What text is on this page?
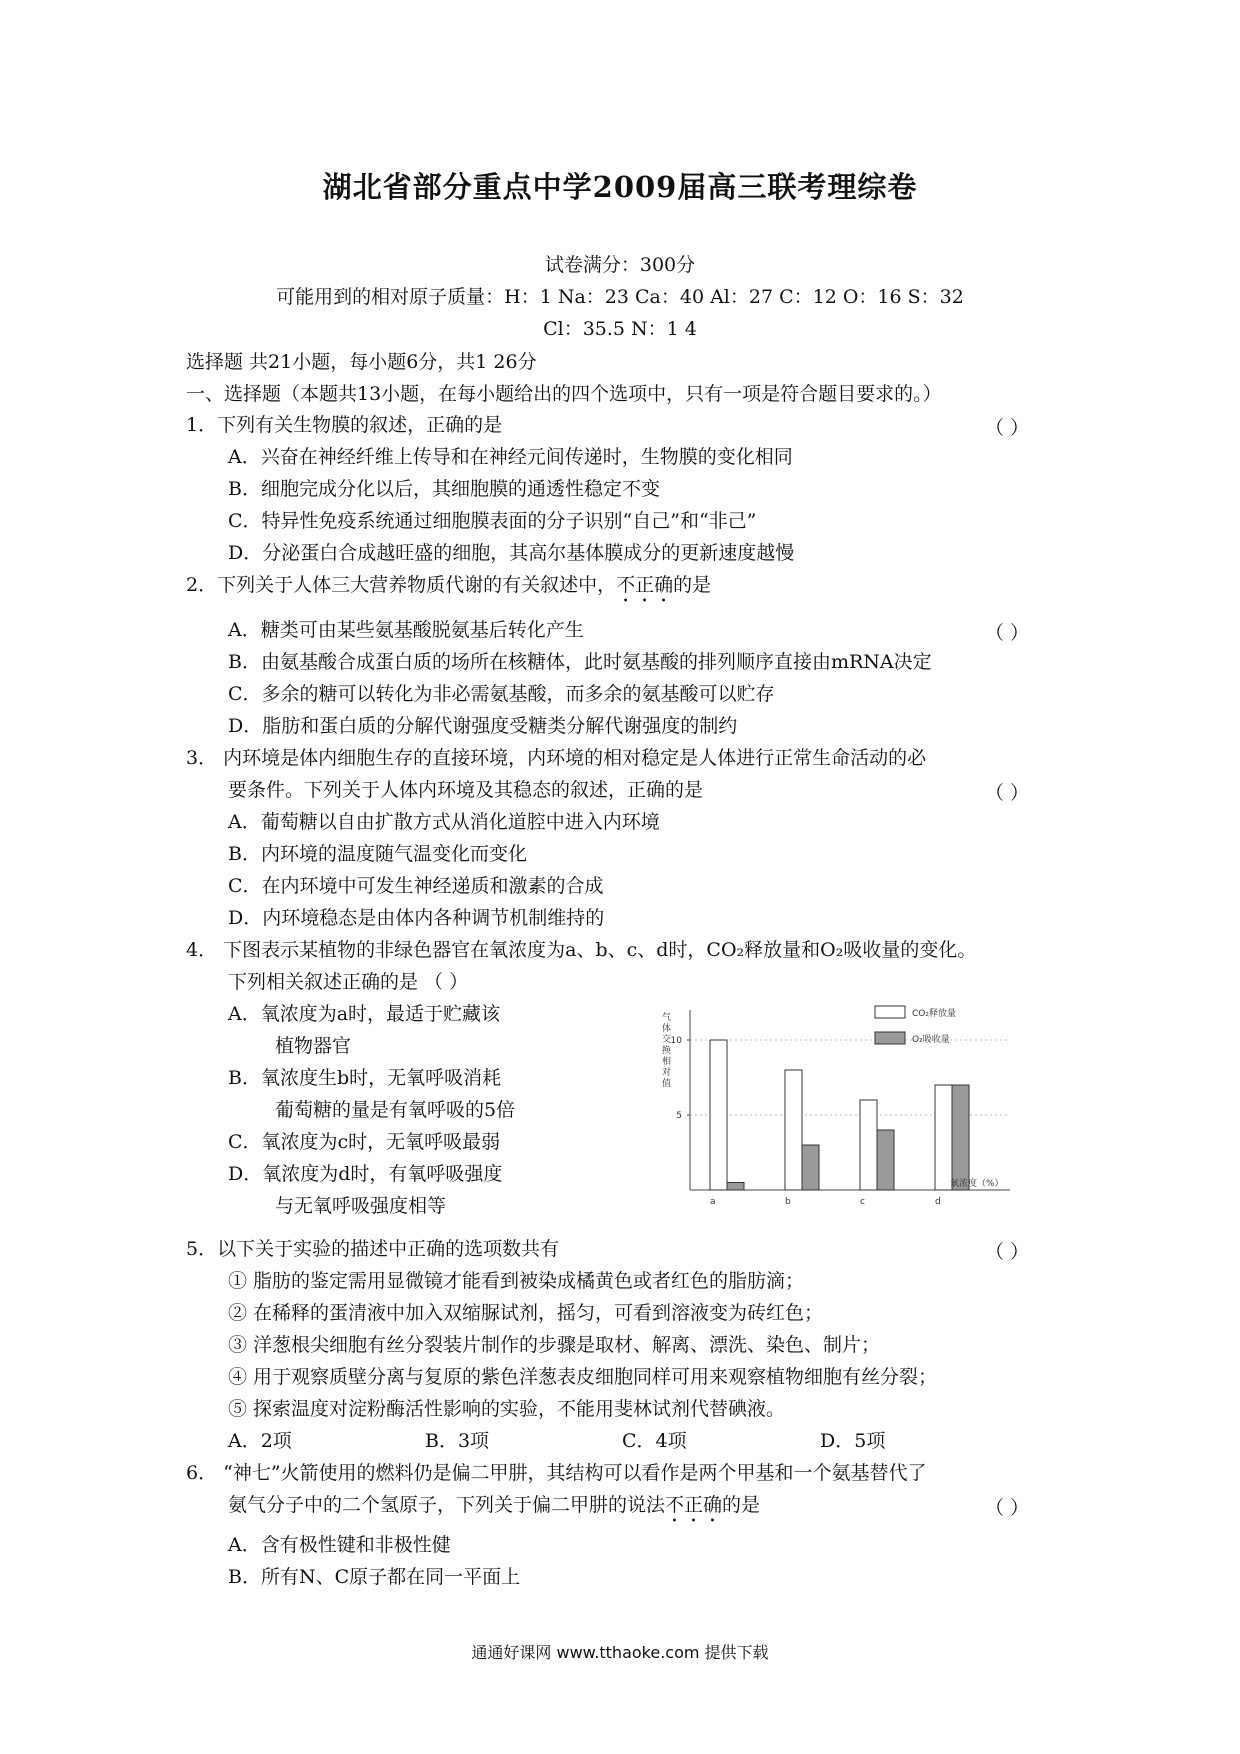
湖北省部分重点中学2009届高三联考理综卷
试卷满分：300分
可能用到的相对原子质量：H：1 Na：23 Ca：40 Al：27 C：12 O：16 S：32
Cl：35.5 N：1 4
选择题 共21小题，每小题6分，共1 26分
一、选择题（本题共13小题，在每小题给出的四个选项中，只有一项是符合题目要求的。）
1．下列有关生物膜的叙述，正确的是	（ ）
A．兴奋在神经纤维上传导和在神经元间传递时，生物膜的变化相同
B．细胞完成分化以后，其细胞膜的通透性稳定不变
C．特异性免疫系统通过细胞膜表面的分子识别“自己”和“非己”
D．分泌蛋白合成越旺盛的细胞，其高尔基体膜成分的更新速度越慢
2．下列关于人体三大营养物质代谢的有关叙述中，不正确的是
A．糖类可由某些氨基酸脱氨基后转化产生	（ ）
B．由氨基酸合成蛋白质的场所在核糖体，此时氨基酸的排列顺序直接由mRNA决定
C．多余的糖可以转化为非必需氨基酸，而多余的氨基酸可以贮存
D．脂肪和蛋白质的分解代谢强度受糖类分解代谢强度的制约
3． 内环境是体内细胞生存的直接环境，内环境的相对稳定是人体进行正常生命活动的必
要条件。下列关于人体内环境及其稳态的叙述，正确的是	（ ）
A．葡萄糖以自由扩散方式从消化道腔中进入内环境
B．内环境的温度随气温变化而变化
C．在内环境中可发生神经递质和激素的合成
D．内环境稳态是由体内各种调节机制维持的
4． 下图表示某植物的非绿色器官在氧浓度为a、b、c、d时，CO₂释放量和O₂吸收量的变化。
下列相关叙述正确的是 （ ）
A．氧浓度为a时，最适于贮藏该
植物器官
B．氧浓度生b时，无氧呼吸消耗
葡萄糖的量是有氧呼吸的5倍
C．氧浓度为c时，无氧呼吸最弱
D．氧浓度为d时，有氧呼吸强度
与无氧呼吸强度相等
气
体
交
换
相
对
值
5
10
a	b	c	d
CO₂释放量
O₂吸收量
氧浓度（%）
5．以下关于实验的描述中正确的选项数共有	（ ）
① 脂肪的鉴定需用显微镜才能看到被染成橘黄色或者红色的脂肪滴；
② 在稀释的蛋清液中加入双缩脲试剂，摇匀，可看到溶液变为砖红色；
③ 洋葱根尖细胞有丝分裂装片制作的步骤是取材、解离、漂洗、染色、制片；
④ 用于观察质壁分离与复原的紫色洋葱表皮细胞同样可用来观察植物细胞有丝分裂；
⑤ 探索温度对淀粉酶活性影响的实验，不能用斐林试剂代替碘液。
A．2项	B．3项	C．4项	D．5项
6． “神七”火箭使用的燃料仍是偏二甲肼，其结构可以看作是两个甲基和一个氨基替代了
氨气分子中的二个氢原子，下列关于偏二甲肼的说法不正确的是	（ ）
A．含有极性键和非极性健
B．所有N、C原子都在同一平面上
通通好课网 www.tthaoke.com 提供下载
